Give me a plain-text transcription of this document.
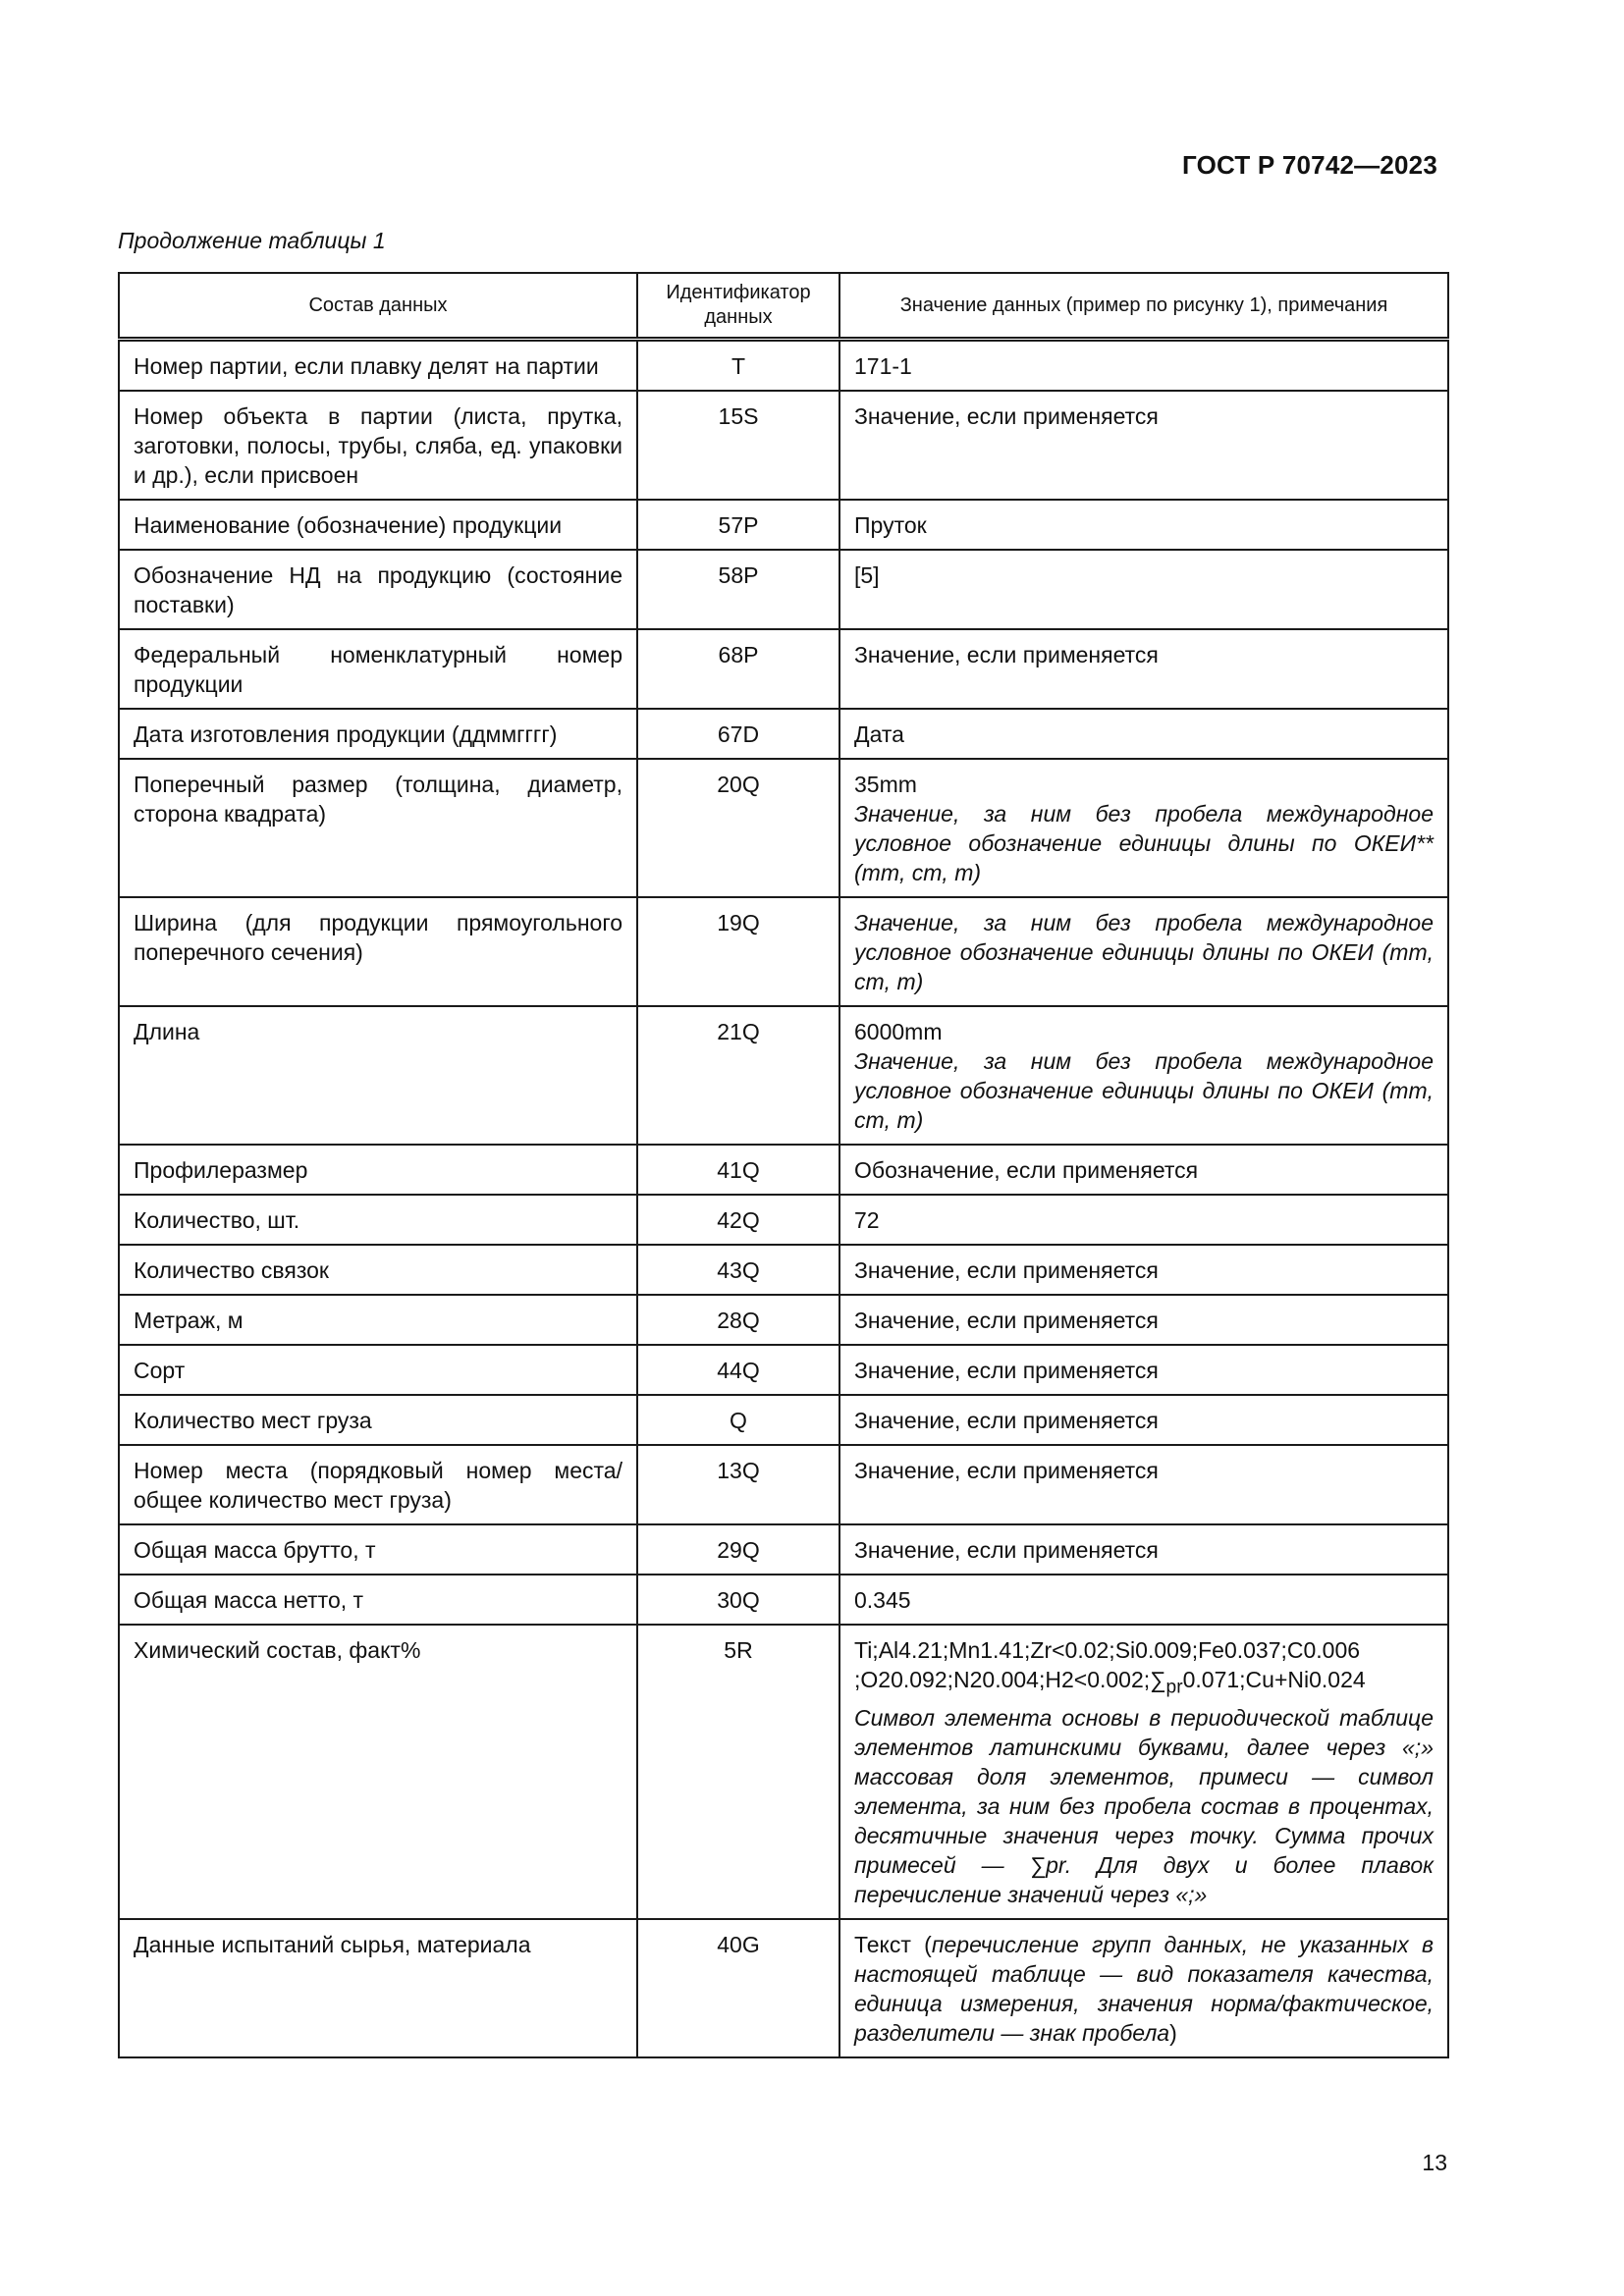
ГОСТ Р 70742—2023
Продолжение таблицы 1
Состав данных	Идентификатор данных	Значение данных (пример по рисунку 1), примечания
Номер партии, если плавку делят на партии	T	171-1

Номер объекта в партии (листа, прутка, заготовки, полосы, трубы, сляба, ед. упаковки и др.), если присвоен	15S	Значение, если применяется

Наименование (обозначение) продукции	57P	Пруток

Обозначение НД на продукцию (состояние поставки)	58P	[5]

Федеральный номенклатурный номер продукции	68P	Значение, если применяется

Дата изготовления продукции (ддммгггг)	67D	Дата

Поперечный размер (толщина, диаметр, сторона квадрата)	20Q	35mm
Значение, за ним без пробела международное условное обозначение единицы длины по ОКЕИ** (mm, cm, m)

Ширина (для продукции прямоугольного поперечного сечения)	19Q	Значение, за ним без пробела международное условное обозначение единицы длины по ОКЕИ (mm, cm, m)

Длина	21Q	6000mm
Значение, за ним без пробела международное условное обозначение единицы длины по ОКЕИ (mm, cm, m)

Профилеразмер	41Q	Обозначение, если применяется

Количество, шт.	42Q	72

Количество связок	43Q	Значение, если применяется

Метраж, м	28Q	Значение, если применяется

Сорт	44Q	Значение, если применяется

Количество мест груза	Q	Значение, если применяется

Номер места (порядковый номер места/ общее количество мест груза)	13Q	Значение, если применяется

Общая масса брутто, т	29Q	Значение, если применяется

Общая масса нетто, т	30Q	0.345

Химический состав, факт%	5R	Ti;Al4.21;Mn1.41;Zr<0.02;Si0.009;Fe0.037;C0.006
$;O20.092;N20.004;H2<0.002;\sum_{pr}0.071;Cu+Ni0.024$
Символ элемента основы в периодической таблице элементов латинскими буквами, далее через «;» массовая доля элементов, примеси — символ элемента, за ним без пробела состав в процентах, десятичные значения через точку. Сумма прочих примесей — ∑pr. Для двух и более плавок перечисление значений через «;»

Данные испытаний сырья, материала	40G	Текст (перечисление групп данных, не указанных в настоящей таблице — вид показателя качества, единица измерения, значения норма/фактическое, разделители — знак пробела)
13
